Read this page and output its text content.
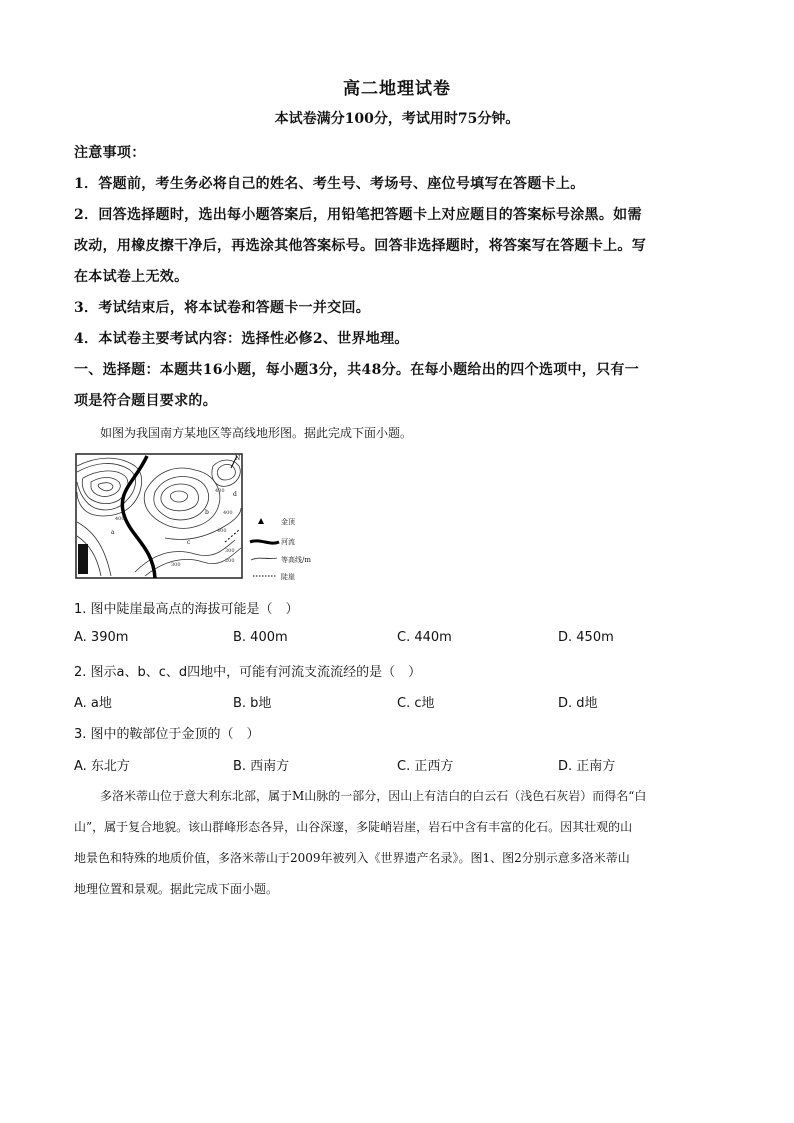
高二地理试卷
本试卷满分100分，考试用时75分钟。
注意事项：
1．答题前，考生务必将自己的姓名、考生号、考场号、座位号填写在答题卡上。
2．回答选择题时，选出每小题答案后，用铅笔把答题卡上对应题目的答案标号涂黑。如需
改动，用橡皮擦干净后，再选涂其他答案标号。回答非选择题时，将答案写在答题卡上。写
在本试卷上无效。
3．考试结束后，将本试卷和答题卡一并交回。
4．本试卷主要考试内容：选择性必修2、世界地理。
一、选择题：本题共16小题，每小题3分，共48分。在每小题给出的四个选项中，只有一
项是符合题目要求的。
如图为我国南方某地区等高线地形图。据此完成下面小题。
400
400
400
400
300
300
200
d
a
b
c
N
金顶
河流
等高线/m
陡崖
1. 图中陡崖最高点的海拔可能是（　）
A. 390m	B. 400m	C. 440m	D. 450m
2. 图示a、b、c、d四地中，可能有河流支流流经的是（　）
A. a地	B. b地	C. c地	D. d地
3. 图中的鞍部位于金顶的（　）
A. 东北方	B. 西南方	C. 正西方	D. 正南方
多洛米蒂山位于意大利东北部，属于M山脉的一部分，因山上有洁白的白云石（浅色石灰岩）而得名“白
山”，属于复合地貌。该山群峰形态各异，山谷深邃，多陡峭岩崖，岩石中含有丰富的化石。因其壮观的山
地景色和特殊的地质价值，多洛米蒂山于2009年被列入《世界遗产名录》。图1、图2分别示意多洛米蒂山
地理位置和景观。据此完成下面小题。
